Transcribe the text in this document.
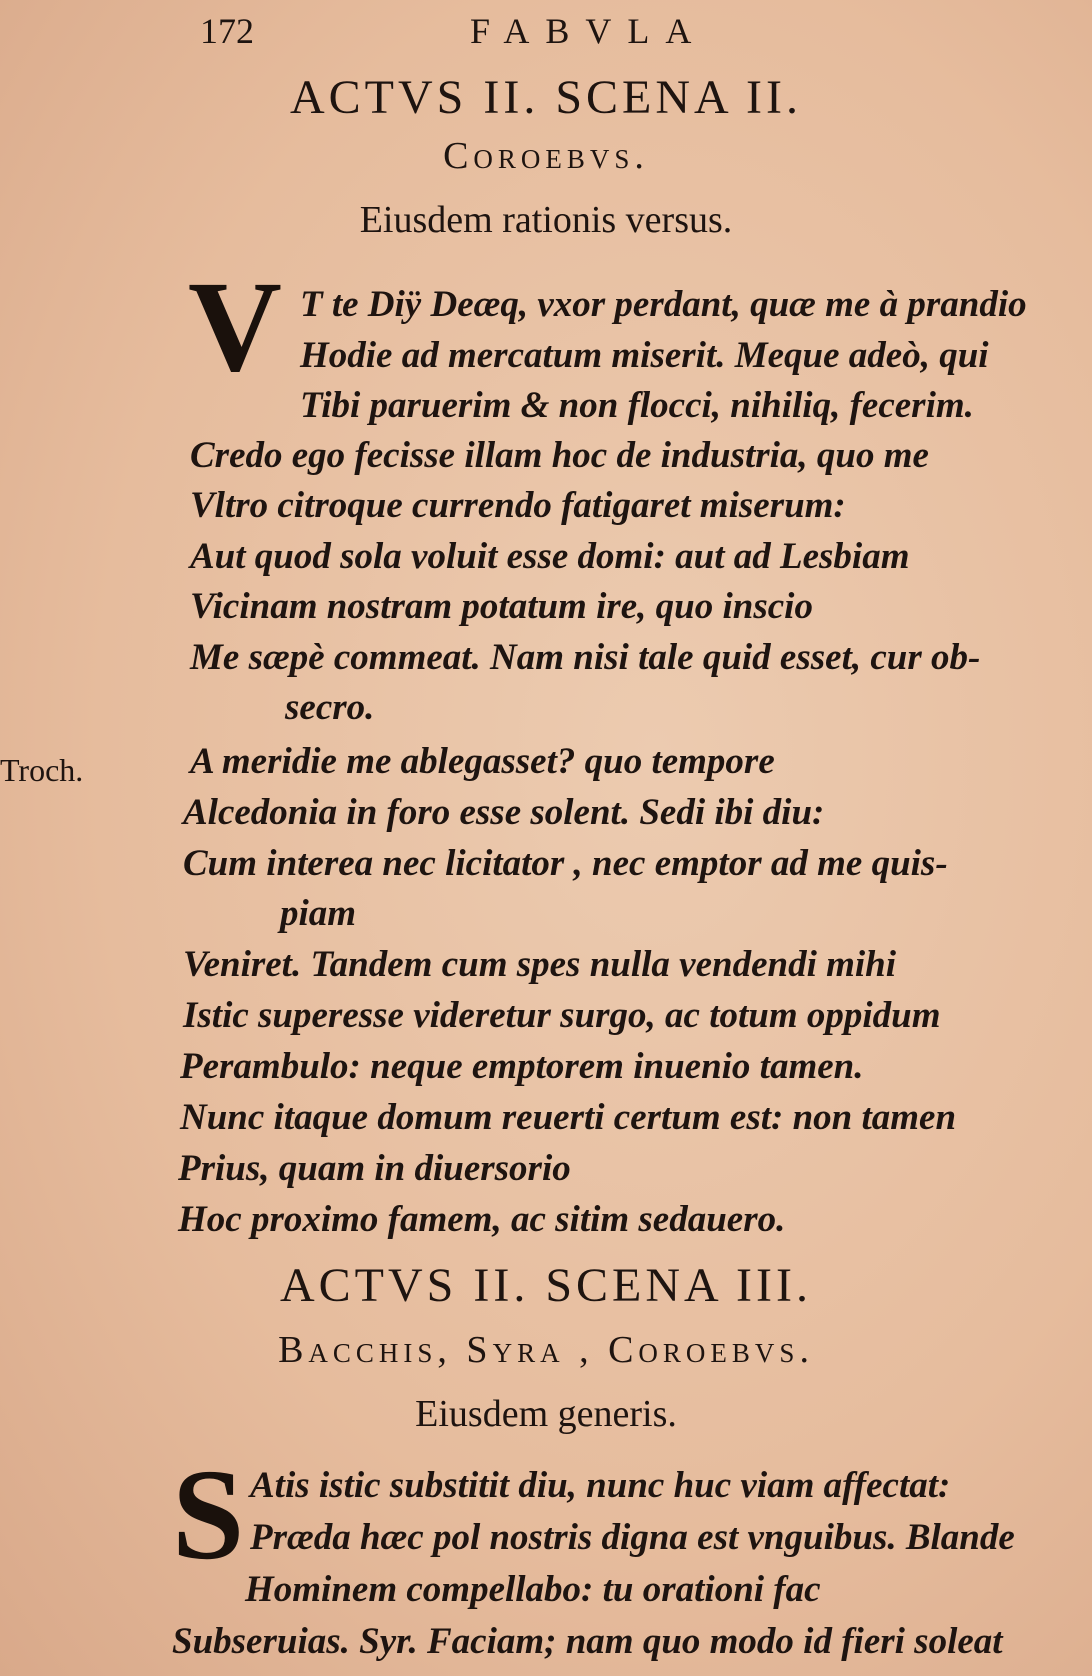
172	FABVLA
ACTVS II. SCENA II.
Coroebvs.
Eiusdem rationis versus.
V T te Diÿ Deæq, vxor perdant, quæ me à prandio
Hodie ad mercatum miserit. Meque adeò, qui
Tibi paruerim & non flocci, nihiliq, fecerim.
Credo ego fecisse illam hoc de industria, quo me
Vltro citroque currendo fatigaret miserum:
Aut quod sola voluit esse domi: aut ad Lesbiam
Vicinam nostram potatum ire, quo inscio
Me sæpè commeat. Nam nisi tale quid esset, cur ob-
secro.
Troch.	A meridie me ablegasset? quo tempore
Alcedonia in foro esse solent. Sedi ibi diu:
Cum interea nec licitator , nec emptor ad me quis-
piam
Veniret. Tandem cum spes nulla vendendi mihi
Istic superesse videretur surgo, ac totum oppidum
Perambulo: neque emptorem inuenio tamen.
Nunc itaque domum reuerti certum est: non tamen
Prius, quam in diuersorio
Hoc proximo famem, ac sitim sedauero.
ACTVS II. SCENA III.
Bacchis, Syra , Coroebvs.
Eiusdem generis.
S Atis istic substitit diu, nunc huc viam affectat:
Præda hæc pol nostris digna est vnguibus. Blande
Hominem compellabo: tu orationi fac
Subseruias. Syr. Faciam; nam quo modo id fieri soleat
